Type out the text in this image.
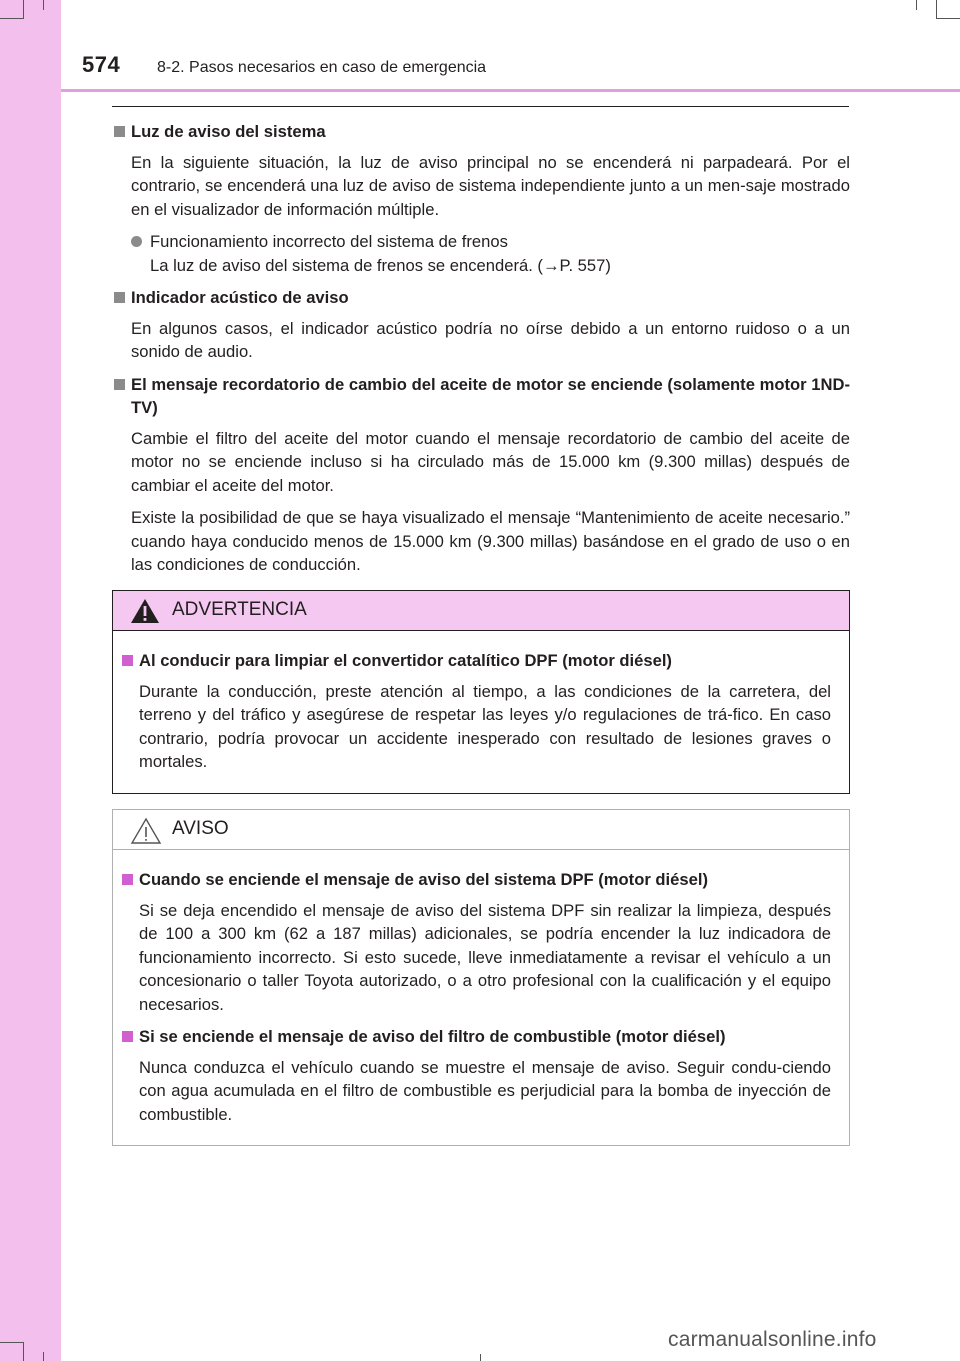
574 8-2. Pasos necesarios en caso de emergencia
Luz de aviso del sistema
En la siguiente situación, la luz de aviso principal no se encenderá ni parpadeará. Por el contrario, se encenderá una luz de aviso de sistema independiente junto a un men-saje mostrado en el visualizador de información múltiple.
Funcionamiento incorrecto del sistema de frenos
La luz de aviso del sistema de frenos se encenderá. (→P. 557)
Indicador acústico de aviso
En algunos casos, el indicador acústico podría no oírse debido a un entorno ruidoso o a un sonido de audio.
El mensaje recordatorio de cambio del aceite de motor se enciende (solamente motor 1ND-TV)
Cambie el filtro del aceite del motor cuando el mensaje recordatorio de cambio del aceite de motor no se enciende incluso si ha circulado más de 15.000 km (9.300 millas) después de cambiar el aceite del motor.
Existe la posibilidad de que se haya visualizado el mensaje “Mantenimiento de aceite necesario.” cuando haya conducido menos de 15.000 km (9.300 millas) basándose en el grado de uso o en las condiciones de conducción.
ADVERTENCIA
Al conducir para limpiar el convertidor catalítico DPF (motor diésel)
Durante la conducción, preste atención al tiempo, a las condiciones de la carretera, del terreno y del tráfico y asegúrese de respetar las leyes y/o regulaciones de trá-fico. En caso contrario, podría provocar un accidente inesperado con resultado de lesiones graves o mortales.
AVISO
Cuando se enciende el mensaje de aviso del sistema DPF (motor diésel)
Si se deja encendido el mensaje de aviso del sistema DPF sin realizar la limpieza, después de 100 a 300 km (62 a 187 millas) adicionales, se podría encender la luz indicadora de funcionamiento incorrecto. Si esto sucede, lleve inmediatamente a revisar el vehículo a un concesionario o taller Toyota autorizado, o a otro profesional con la cualificación y el equipo necesarios.
Si se enciende el mensaje de aviso del filtro de combustible (motor diésel)
Nunca conduzca el vehículo cuando se muestre el mensaje de aviso. Seguir condu-ciendo con agua acumulada en el filtro de combustible es perjudicial para la bomba de inyección de combustible.
carmanualsonline.info
